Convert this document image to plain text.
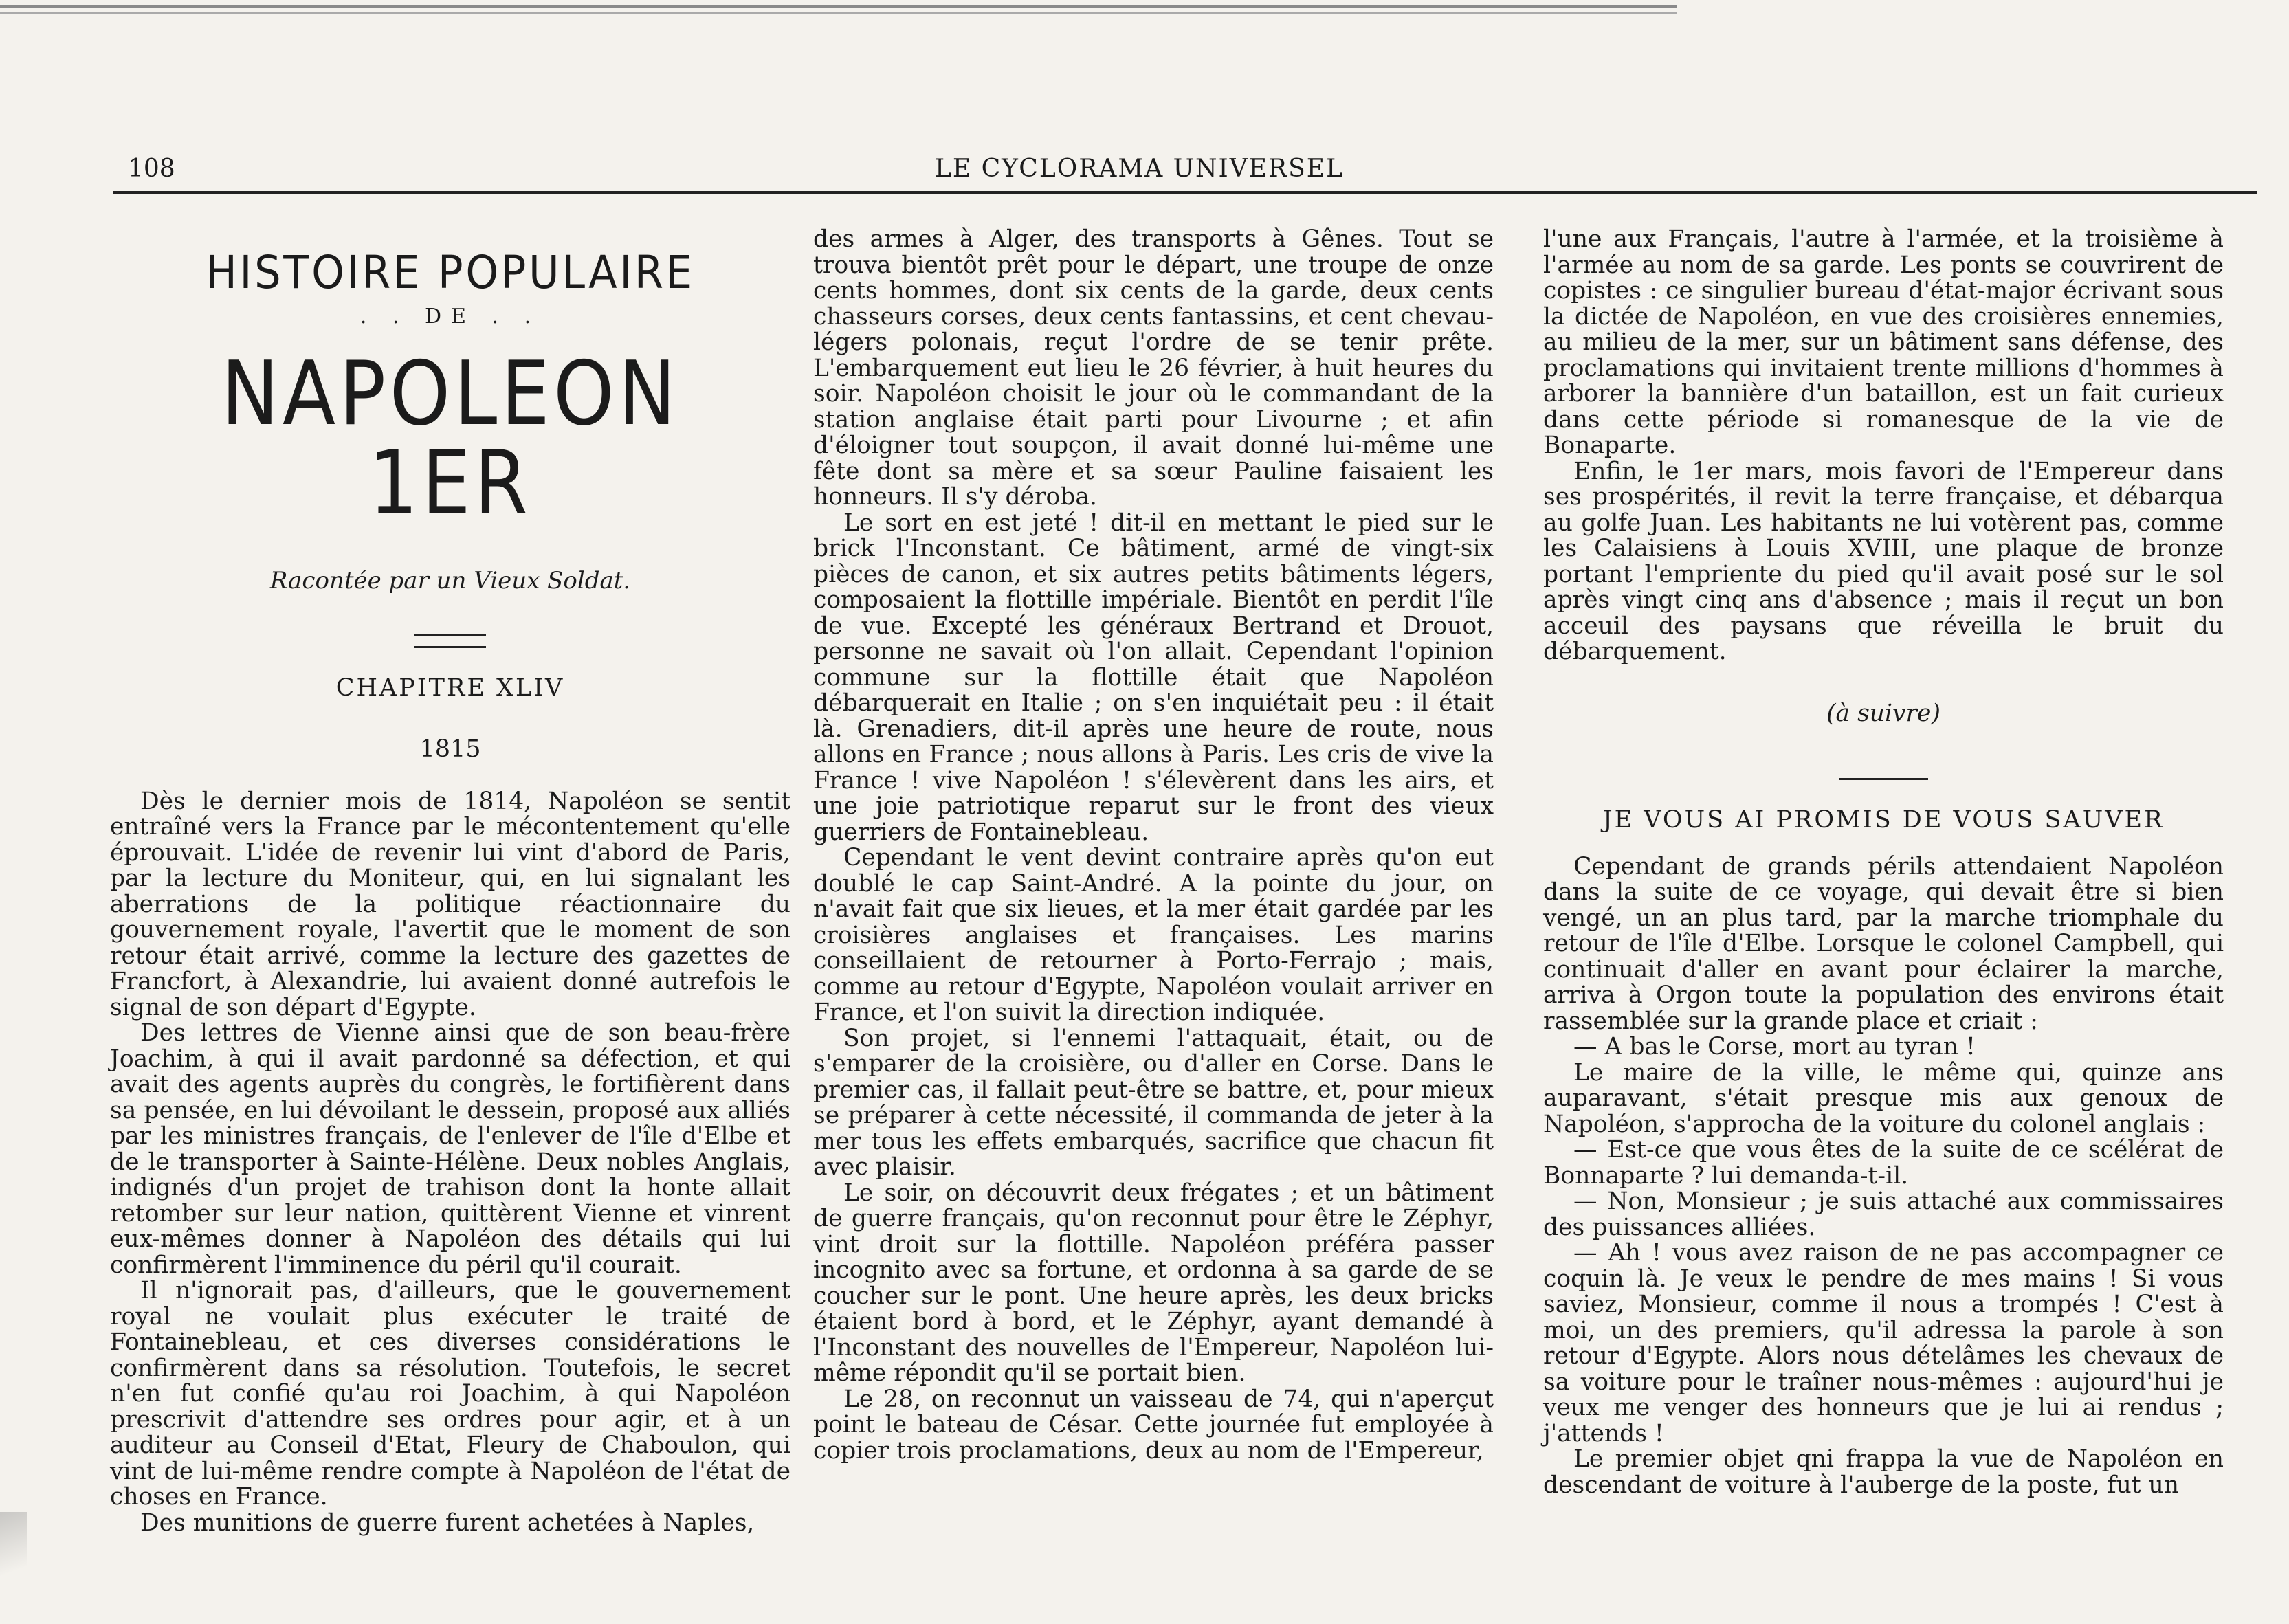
108	LE CYCLORAMA UNIVERSEL
HISTOIRE POPULAIRE
. . DE . .
NAPOLEON 1ER
Racontée par un Vieux Soldat.
CHAPITRE XLIV
1815

Dès le dernier mois de 1814, Napoléon se sentit entraîné vers la France par le mécontentement qu'elle éprouvait. L'idée de revenir lui vint d'abord de Paris, par la lecture du Moniteur, qui, en lui signalant les aberrations de la politique réactionnaire du gouvernement royale, l'avertit que le moment de son retour était arrivé, comme la lecture des gazettes de Francfort, à Alexandrie, lui avaient donné autrefois le signal de son départ d'Egypte.

Des lettres de Vienne ainsi que de son beau-frère Joachim, à qui il avait pardonné sa défection, et qui avait des agents auprès du congrès, le fortifièrent dans sa pensée, en lui dévoilant le dessein, proposé aux alliés par les ministres français, de l'enlever de l'île d'Elbe et de le transporter à Sainte-Hélène. Deux nobles Anglais, indignés d'un projet de trahison dont la honte allait retomber sur leur nation, quittèrent Vienne et vinrent eux-mêmes donner à Napoléon des détails qui lui confirmèrent l'imminence du péril qu'il courait.

Il n'ignorait pas, d'ailleurs, que le gouvernement royal ne voulait plus exécuter le traité de Fontainebleau, et ces diverses considérations le confirmèrent dans sa résolution. Toutefois, le secret n'en fut confié qu'au roi Joachim, à qui Napoléon prescrivit d'attendre ses ordres pour agir, et à un auditeur au Conseil d'Etat, Fleury de Chaboulon, qui vint de lui-même rendre compte à Napoléon de l'état de choses en France.

Des munitions de guerre furent achetées à Naples,

des armes à Alger, des transports à Gênes. Tout se trouva bientôt prêt pour le départ, une troupe de onze cents hommes, dont six cents de la garde, deux cents chasseurs corses, deux cents fantassins, et cent chevau-légers polonais, reçut l'ordre de se tenir prête. L'embarquement eut lieu le 26 février, à huit heures du soir. Napoléon choisit le jour où le commandant de la station anglaise était parti pour Livourne ; et afin d'éloigner tout soupçon, il avait donné lui-même une fête dont sa mère et sa sœur Pauline faisaient les honneurs. Il s'y déroba.

Le sort en est jeté ! dit-il en mettant le pied sur le brick l'Inconstant. Ce bâtiment, armé de vingt-six pièces de canon, et six autres petits bâtiments légers, composaient la flottille impériale. Bientôt en perdit l'île de vue. Excepté les généraux Bertrand et Drouot, personne ne savait où l'on allait. Cependant l'opinion commune sur la flottille était que Napoléon débarquerait en Italie ; on s'en inquiétait peu : il était là. Grenadiers, dit-il après une heure de route, nous allons en France ; nous allons à Paris. Les cris de vive la France ! vive Napoléon ! s'élevèrent dans les airs, et une joie patriotique reparut sur le front des vieux guerriers de Fontainebleau.

Cependant le vent devint contraire après qu'on eut doublé le cap Saint-André. A la pointe du jour, on n'avait fait que six lieues, et la mer était gardée par les croisières anglaises et françaises. Les marins conseillaient de retourner à Porto-Ferrajo ; mais, comme au retour d'Egypte, Napoléon voulait arriver en France, et l'on suivit la direction indiquée.

Son projet, si l'ennemi l'attaquait, était, ou de s'emparer de la croisière, ou d'aller en Corse. Dans le premier cas, il fallait peut-être se battre, et, pour mieux se préparer à cette nécessité, il commanda de jeter à la mer tous les effets embarqués, sacrifice que chacun fit avec plaisir.

Le soir, on découvrit deux frégates ; et un bâtiment de guerre français, qu'on reconnut pour être le Zéphyr, vint droit sur la flottille. Napoléon préféra passer incognito avec sa fortune, et ordonna à sa garde de se coucher sur le pont. Une heure après, les deux bricks étaient bord à bord, et le Zéphyr, ayant demandé à l'Inconstant des nouvelles de l'Empereur, Napoléon lui-même répondit qu'il se portait bien.

Le 28, on reconnut un vaisseau de 74, qui n'aperçut point le bateau de César. Cette journée fut employée à copier trois proclamations, deux au nom de l'Empereur,

l'une aux Français, l'autre à l'armée, et la troisième à l'armée au nom de sa garde. Les ponts se couvrirent de copistes : ce singulier bureau d'état-major écrivant sous la dictée de Napoléon, en vue des croisières ennemies, au milieu de la mer, sur un bâtiment sans défense, des proclamations qui invitaient trente millions d'hommes à arborer la bannière d'un bataillon, est un fait curieux dans cette période si romanesque de la vie de Bonaparte.

Enfin, le 1er mars, mois favori de l'Empereur dans ses prospérités, il revit la terre française, et débarqua au golfe Juan. Les habitants ne lui votèrent pas, comme les Calaisiens à Louis XVIII, une plaque de bronze portant l'empriente du pied qu'il avait posé sur le sol après vingt cinq ans d'absence ; mais il reçut un bon acceuil des paysans que réveilla le bruit du débarquement.

(à suivre)
JE VOUS AI PROMIS DE VOUS SAUVER

Cependant de grands périls attendaient Napoléon dans la suite de ce voyage, qui devait être si bien vengé, un an plus tard, par la marche triomphale du retour de l'île d'Elbe. Lorsque le colonel Campbell, qui continuait d'aller en avant pour éclairer la marche, arriva à Orgon toute la population des environs était rassemblée sur la grande place et criait :

— A bas le Corse, mort au tyran !

Le maire de la ville, le même qui, quinze ans auparavant, s'était presque mis aux genoux de Napoléon, s'approcha de la voiture du colonel anglais :

— Est-ce que vous êtes de la suite de ce scélérat de Bonnaparte ? lui demanda-t-il.

— Non, Monsieur ; je suis attaché aux commissaires des puissances alliées.

— Ah ! vous avez raison de ne pas accompagner ce coquin là. Je veux le pendre de mes mains ! Si vous saviez, Monsieur, comme il nous a trompés ! C'est à moi, un des premiers, qu'il adressa la parole à son retour d'Egypte. Alors nous dételâmes les chevaux de sa voiture pour le traîner nous-mêmes : aujourd'hui je veux me venger des honneurs que je lui ai rendus ; j'attends !

Le premier objet qni frappa la vue de Napoléon en descendant de voiture à l'auberge de la poste, fut un
